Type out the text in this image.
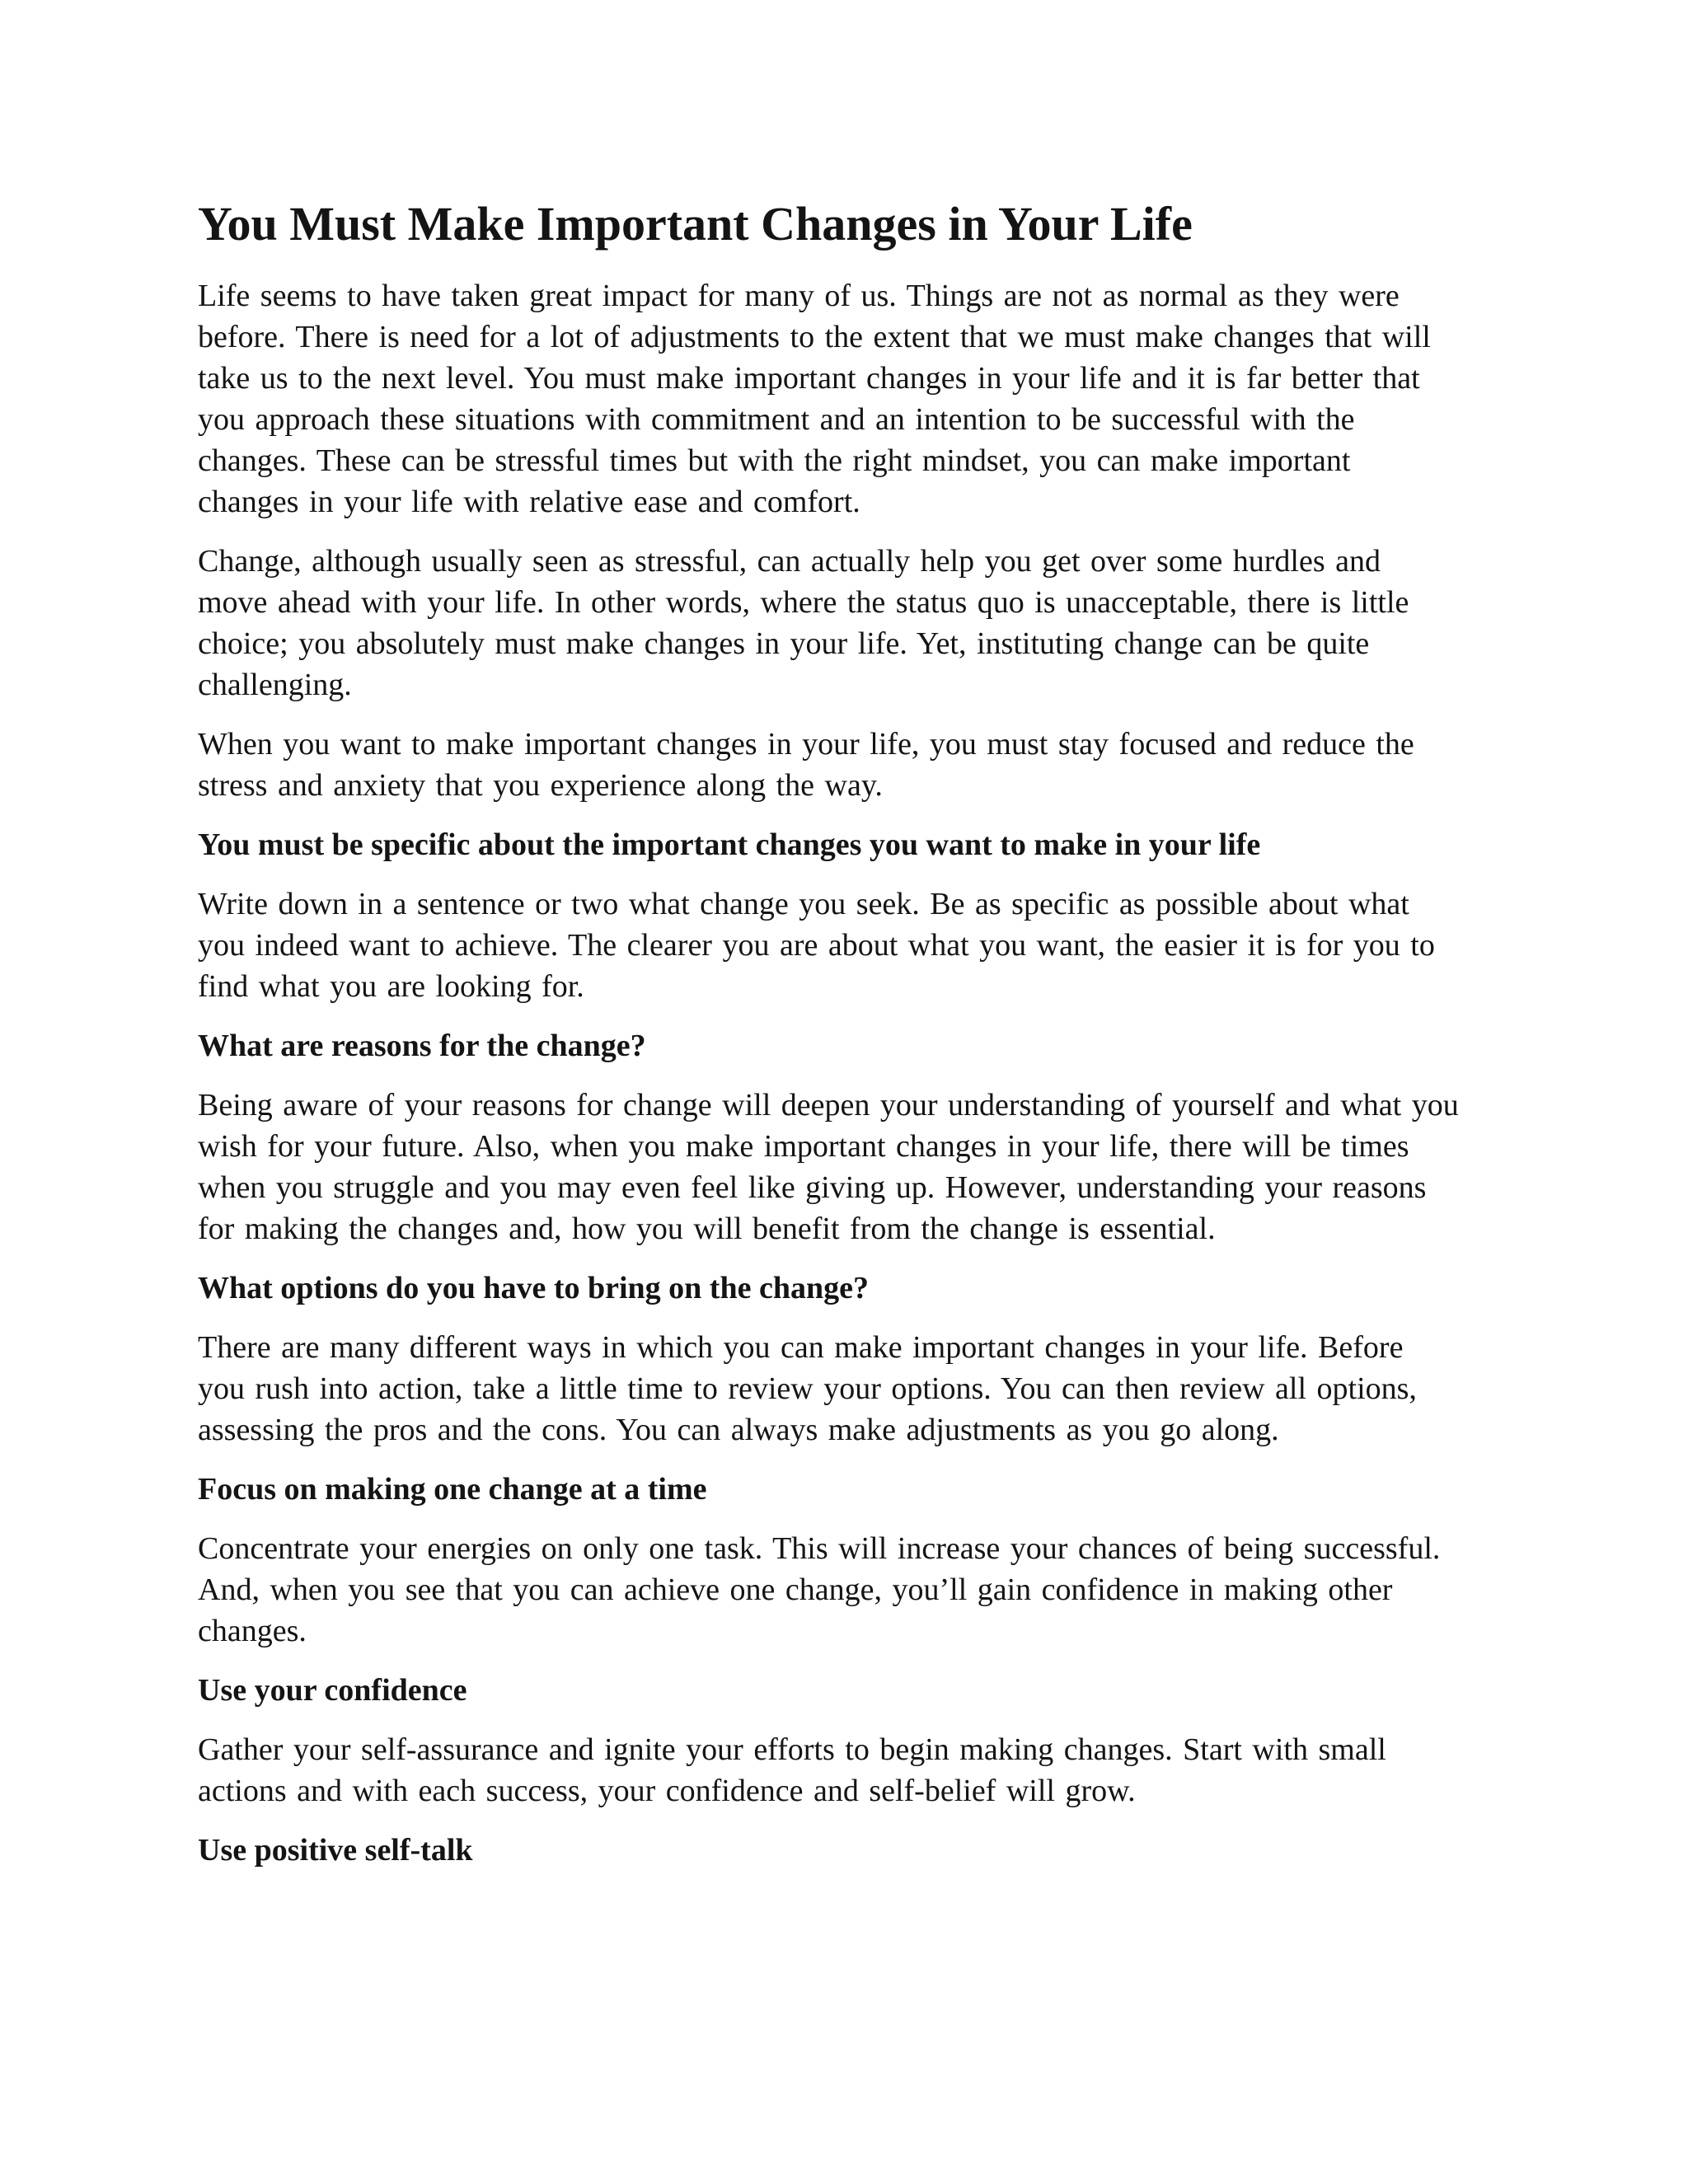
You Must Make Important Changes in Your Life

Life seems to have taken great impact for many of us. Things are not as normal as they were before. There is need for a lot of adjustments to the extent that we must make changes that will take us to the next level. You must make important changes in your life and it is far better that you approach these situations with commitment and an intention to be successful with the changes. These can be stressful times but with the right mindset, you can make important changes in your life with relative ease and comfort.

Change, although usually seen as stressful, can actually help you get over some hurdles and move ahead with your life. In other words, where the status quo is unacceptable, there is little choice; you absolutely must make changes in your life. Yet, instituting change can be quite challenging.

When you want to make important changes in your life, you must stay focused and reduce the stress and anxiety that you experience along the way.

You must be specific about the important changes you want to make in your life

Write down in a sentence or two what change you seek. Be as specific as possible about what you indeed want to achieve. The clearer you are about what you want, the easier it is for you to find what you are looking for.

What are reasons for the change?

Being aware of your reasons for change will deepen your understanding of yourself and what you wish for your future. Also, when you make important changes in your life, there will be times when you struggle and you may even feel like giving up. However, understanding your reasons for making the changes and, how you will benefit from the change is essential.

What options do you have to bring on the change?

There are many different ways in which you can make important changes in your life. Before you rush into action, take a little time to review your options. You can then review all options, assessing the pros and the cons. You can always make adjustments as you go along.

Focus on making one change at a time

Concentrate your energies on only one task. This will increase your chances of being successful. And, when you see that you can achieve one change, you’ll gain confidence in making other changes.

Use your confidence

Gather your self-assurance and ignite your efforts to begin making changes. Start with small actions and with each success, your confidence and self-belief will grow.

Use positive self-talk
